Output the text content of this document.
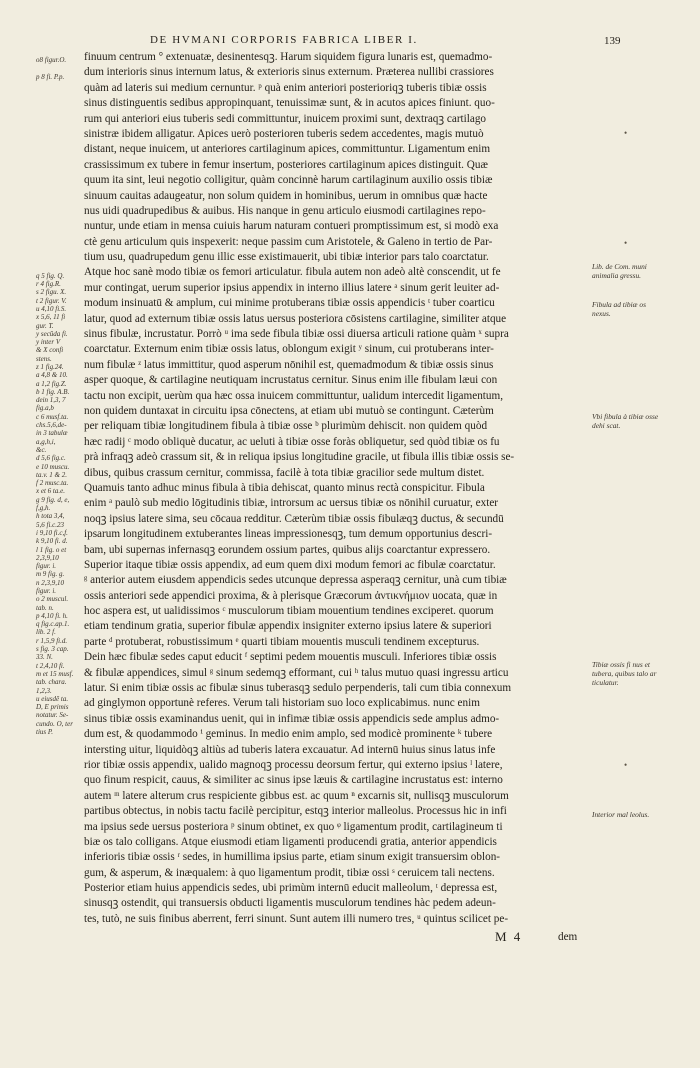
DE HVMANI CORPORIS FABRICA LIBER I.	139
o8 figur.O.
p 8 fi. P.p.
q 5 fig. Q.
r 4 fig.R.
s 2 figu. X.
t 2 figur. V.
u 4,10 fi.S.
x 5,6, 11 fi
gur. T.
y secūda fi.
y inter V
& X confi
stens.
z 1 fig.24.
a 4,8 & 10.
a 1,2 fig.Z.
b 1 fig. A.B.
dein 1,3, 7
fig.a,b
c 6 musf.ta.
chs.5,6,de-
in 3 tabulæ
a,g,h,i,
&c.
d 5,6 fig.c.
e 10 muscu.
ta.v. 1 & 2.
f 2 musc.ta.
x et 6 ta.e.
g 9 fig. d, e,
f,g,h.
h tota 3,4,
5,6 fi.c.23
i 9,10 fi.c,f.
k 9,10 fi. d.
l 1 fig. o et
2,3,9,10
figur. i.
m 9 fig. g.
n 2,3,9,10
figur. i.
o 2 muscul.
tab. n.
p 4,10 fi. h.
q fig.c.ap.1.
lib. 2 f.
r 1,5,9 fi.d.
s fig. 3 cap.
33. N.
t 2,4,10 fi.
m et 15 musf.
tab. chara.
1,2,3.
u eiusdē ta.
D, E primis
notatur. Se-
cundo. O, ter
tius P.
finuum centrum ° extenuatæ, desinentesqꝫ. Harum siquidem figura lunaris est, quemadmo-
dum interioris sinus internum latus, & exterioris sinus externum. Præterea nullibi crassiores
quàm ad lateris sui medium cernuntur. ᵖ quà enim anteriori posterioriqꝫ tuberis tibiæ ossis
sinus distinguentis sedibus appropinquant, tenuissimæ sunt, & in acutos apices finiunt. quo-
rum qui anteriori eius tuberis sedi committuntur, inuicem proximi sunt, dextraqꝫ cartilago
sinistræ ibidem alligatur. Apices uerò posterioren tuberis sedem accedentes, magis mutuò
distant, neque inuicem, ut anteriores cartilaginum apices, committuntur. Ligamentum enim
crassissimum ex tubere in femur insertum, posteriores cartilaginum apices distinguit. Quæ
quum ita sint, leui negotio colligitur, quàm concinnè harum cartilaginum auxilio ossis tibiæ
sinuum cauitas adaugeatur, non solum quidem in hominibus, uerum in omnibus quæ hacte
nus uidi quadrupedibus & auibus. His nanque in genu articulo eiusmodi cartilagines repo-
nuntur, unde etiam in mensa cuiuis harum naturam contueri promptissimum est, si modò exa
ctè genu articulum quis inspexerit: neque passim cum Aristotele, & Galeno in tertio de Par-
tium usu, quadrupedum genu illic esse existimauerit, ubi tibiæ interior pars talo coarctatur.
Atque hoc sanè modo tibiæ os femori articulatur. fibula autem non adeò altè conscendit, ut fe
mur contingat, uerum superior ipsius appendix in interno illius latere ᵃ sinum gerit leuiter ad-
modum insinuatū & amplum, cui minime protuberans tibiæ ossis appendicis ᵗ tuber coarticu
latur, quod ad externum tibiæ ossis latus uersus posteriora cōsistens cartilagine, similiter atque
sinus fibulæ, incrustatur. Porrò ᵘ ima sede fibula tibiæ ossi diuersa articuli ratione quàm ˣ supra
coarctatur. Externum enim tibiæ ossis latus, oblongum exigit ʸ sinum, cui protuberans inter-
num fibulæ ᶻ latus immittitur, quod asperum nōnihil est, quemadmodum & tibiæ ossis sinus
asper quoque, & cartilagine neutiquam incrustatus cernitur. Sinus enim ille fibulam læui con
tactu non excipit, uerùm qua hæc ossa inuicem committuntur, ualidum intercedit ligamentum,
non quidem duntaxat in circuitu ipsa cōnectens, at etiam ubi mutuò se contingunt. Cæterùm
per reliquam tibiæ longitudinem fibula à tibiæ osse ᵇ plurimùm dehiscit. non quidem quòd
hæc radij ᶜ modo obliquè ducatur, ac ueluti à tibiæ osse foràs obliquetur, sed quòd tibiæ os fu
prà infraqꝫ adeò crassum sit, & in reliqua ipsius longitudine gracile, ut fibula illis tibiæ ossis se-
dibus, quibus crassum cernitur, commissa, facilè à tota tibiæ gracilior sede multum distet.
Quamuis tanto adhuc minus fibula à tibia dehiscat, quanto minus rectà conspicitur. Fibula
enim ᵃ paulò sub medio lōgitudinis tibiæ, introrsum ac uersus tibiæ os nōnihil curuatur, exter
noqꝫ ipsius latere sima, seu cōcaua redditur. Cæterùm tibiæ ossis fibulæqꝫ ductus, & secundū
ipsarum longitudinem extuberantes lineas impressionesqꝫ, tum demum opportunius descri-
bam, ubi supernas infernasqꝫ eorundem ossium partes, quibus alijs coarctantur expressero.
Superior itaque tibiæ ossis appendix, ad eum quem dixi modum femori ac fibulæ coarctatur.
ᵍ anterior autem eiusdem appendicis sedes utcunque depressa asperaqꝫ cernitur, unà cum tibiæ
ossis anteriori sede appendici proxima, & à plerisque Græcorum ἀντικνήμιον uocata, quæ in
hoc aspera est, ut ualidissimos ᶜ musculorum tibiam mouentium tendines exciperet. quorum
etiam tendinum gratia, superior fibulæ appendix insigniter externo ipsius latere & superiori
parte ᵈ protuberat, robustissimum ᵉ quarti tibiam mouentis musculi tendinem excepturus.
Dein hæc fibulæ sedes caput educit ᶠ septimi pedem mouentis musculi. Inferiores tibiæ ossis
& fibulæ appendices, simul ᵍ sinum sedemqꝫ efformant, cui ʰ talus mutuo quasi ingressu articu
latur. Si enim tibiæ ossis ac fibulæ sinus tuberasqꝫ sedulo perpenderis, tali cum tibia connexum
ad ginglymon opportunè referes. Verum tali historiam suo loco explicabimus. nunc enim
sinus tibiæ ossis examinandus uenit, qui in infimæ tibiæ ossis appendicis sede amplus admo-
dum est, & quodammodo ⁱ geminus. In medio enim amplo, sed modicè prominente ᵏ tubere
intersting uitur, liquidòqꝫ altiùs ad tuberis latera excauatur. Ad internū huius sinus latus infe
rior tibiæ ossis appendix, ualido magnoqꝫ processu deorsum fertur, qui externo ipsius ˡ latere,
quo finum respicit, cauus, & similiter ac sinus ipse læuis & cartilagine incrustatus est: interno
autem ᵐ latere alterum crus respiciente gibbus est. ac quum ⁿ excarnis sit, nullisqꝫ musculorum
partibus obtectus, in nobis tactu facilè percipitur, estqꝫ interior malleolus. Processus hic in infi
ma ipsius sede uersus posteriora ᵖ sinum obtinet, ex quo ᵠ ligamentum prodit, cartilagineum ti
biæ os talo colligans. Atque eiusmodi etiam ligamenti producendi gratia, anterior appendicis
inferioris tibiæ ossis ʳ sedes, in humillima ipsius parte, etiam sinum exigit transuersim oblon-
gum, & asperum, & inæqualem: à quo ligamentum prodit, tibiæ ossi ˢ ceruicem tali nectens.
Posterior etiam huius appendicis sedes, ubi primùm internū educit malleolum, ᵗ depressa est,
sinusqꝫ ostendit, qui transuersis obducti ligamentis musculorum tendines hàc pedem adeun-
tes, tutò, ne suis finibus aberrent, ferri sinunt. Sunt autem illi numero tres, ᵘ quintus scilicet pe-
Lib. de Com. muni animalia gressu.
Fibula ad tibiæ os nexus.
Vbi fibula à tibiæ osse dehi scat.
Tibiæ ossis fi nus et tubera, quibus talo ar ticulatur.
Interior mal leolus.
•
•
•
M 4	dem
